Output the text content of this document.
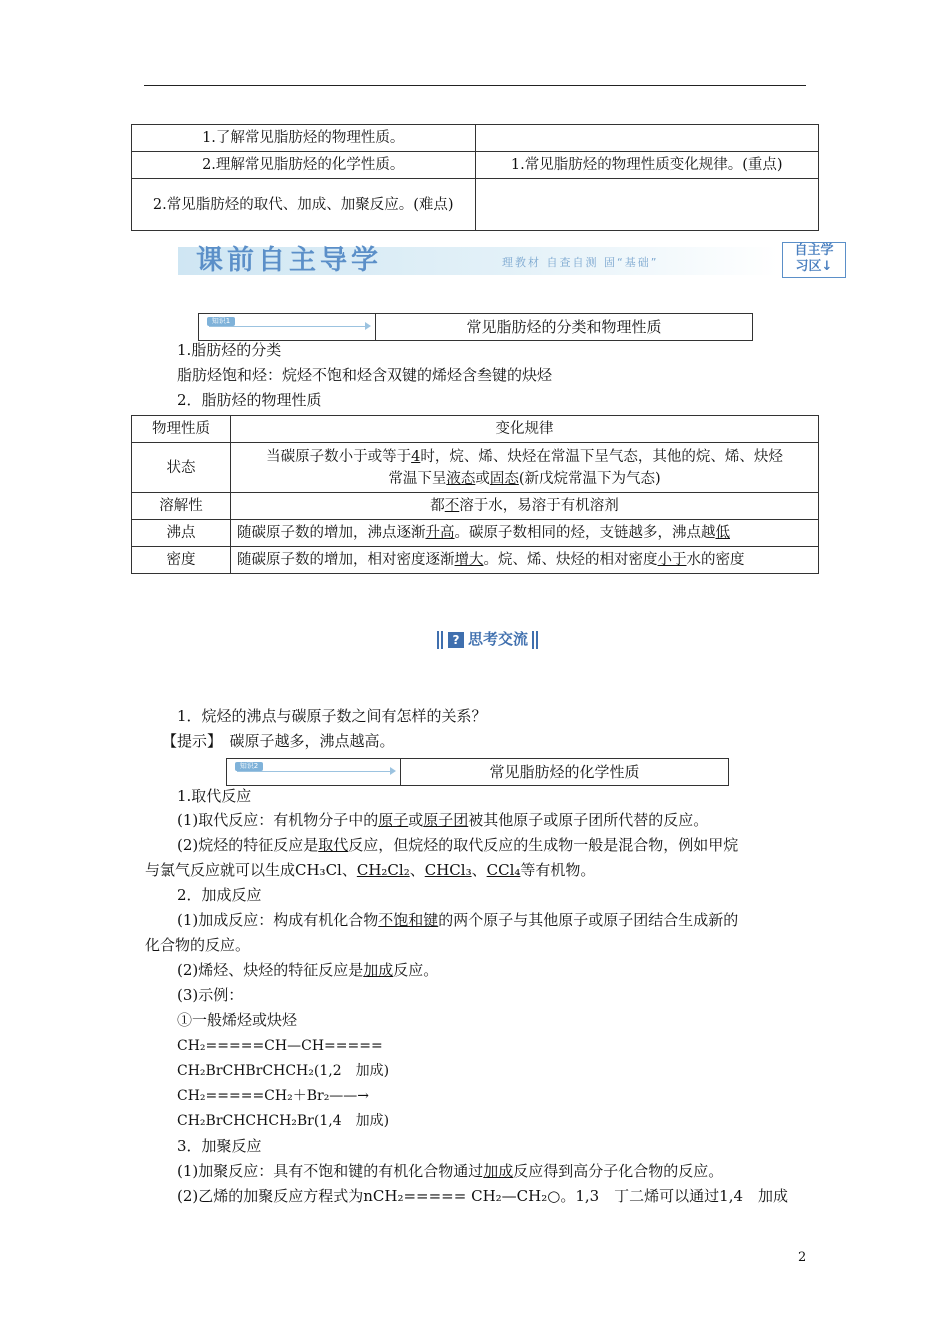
1.了解常见脂肪烃的物理性质。	
2.理解常见脂肪烃的化学性质。	1.常见脂肪烃的物理性质变化规律。(重点)
2.常见脂肪烃的取代、加成、加聚反应。(难点)	
课前自主导学	理教材 自查自测 固“基础”
自主学
习区↓
知识1	常见脂肪烃的分类和物理性质
1.脂肪烃的分类
脂肪烃饱和烃：烷烃不饱和烃含双键的烯烃含叁键的炔烃
2．脂肪烃的物理性质
物理性质	变化规律
状态	当碳原子数小于或等于4时，烷、烯、炔烃在常温下呈气态，其他的烷、烯、炔烃
常温下呈液态或固态(新戊烷常温下为气态)
溶解性	都不溶于水，易溶于有机溶剂
沸点	随碳原子数的增加，沸点逐渐升高。碳原子数相同的烃，支链越多，沸点越低
密度	随碳原子数的增加，相对密度逐渐增大。烷、烯、炔烃的相对密度小于水的密度
? 思考交流
1．烷烃的沸点与碳原子数之间有怎样的关系？
【提示】　 碳原子越多，沸点越高。
知识2	常见脂肪烃的化学性质
1.取代反应
(1)取代反应：有机物分子中的原子或原子团被其他原子或原子团所代替的反应。
(2)烷烃的特征反应是取代反应，但烷烃的取代反应的生成物一般是混合物，例如甲烷
与氯气反应就可以生成CH₃Cl、CH₂Cl₂、CHCl₃、CCl₄等有机物。
2．加成反应
(1)加成反应：构成有机化合物不饱和键的两个原子与其他原子或原子团结合生成新的
化合物的反应。
(2)烯烃、炔烃的特征反应是加成反应。
(3)示例：
①一般烯烃或炔烃
CH₂=====CH—CH=====
CH₂BrCHBrCHCH₂(1,2　加成)
CH₂=====CH₂＋Br₂——→
CH₂BrCHCHCH₂Br(1,4　加成)
3．加聚反应
(1)加聚反应：具有不饱和键的有机化合物通过加成反应得到高分子化合物的反应。
(2)乙烯的加聚反应方程式为nCH₂===== CH₂—CH₂○。1,3　丁二烯可以通过1,4　加成
2
